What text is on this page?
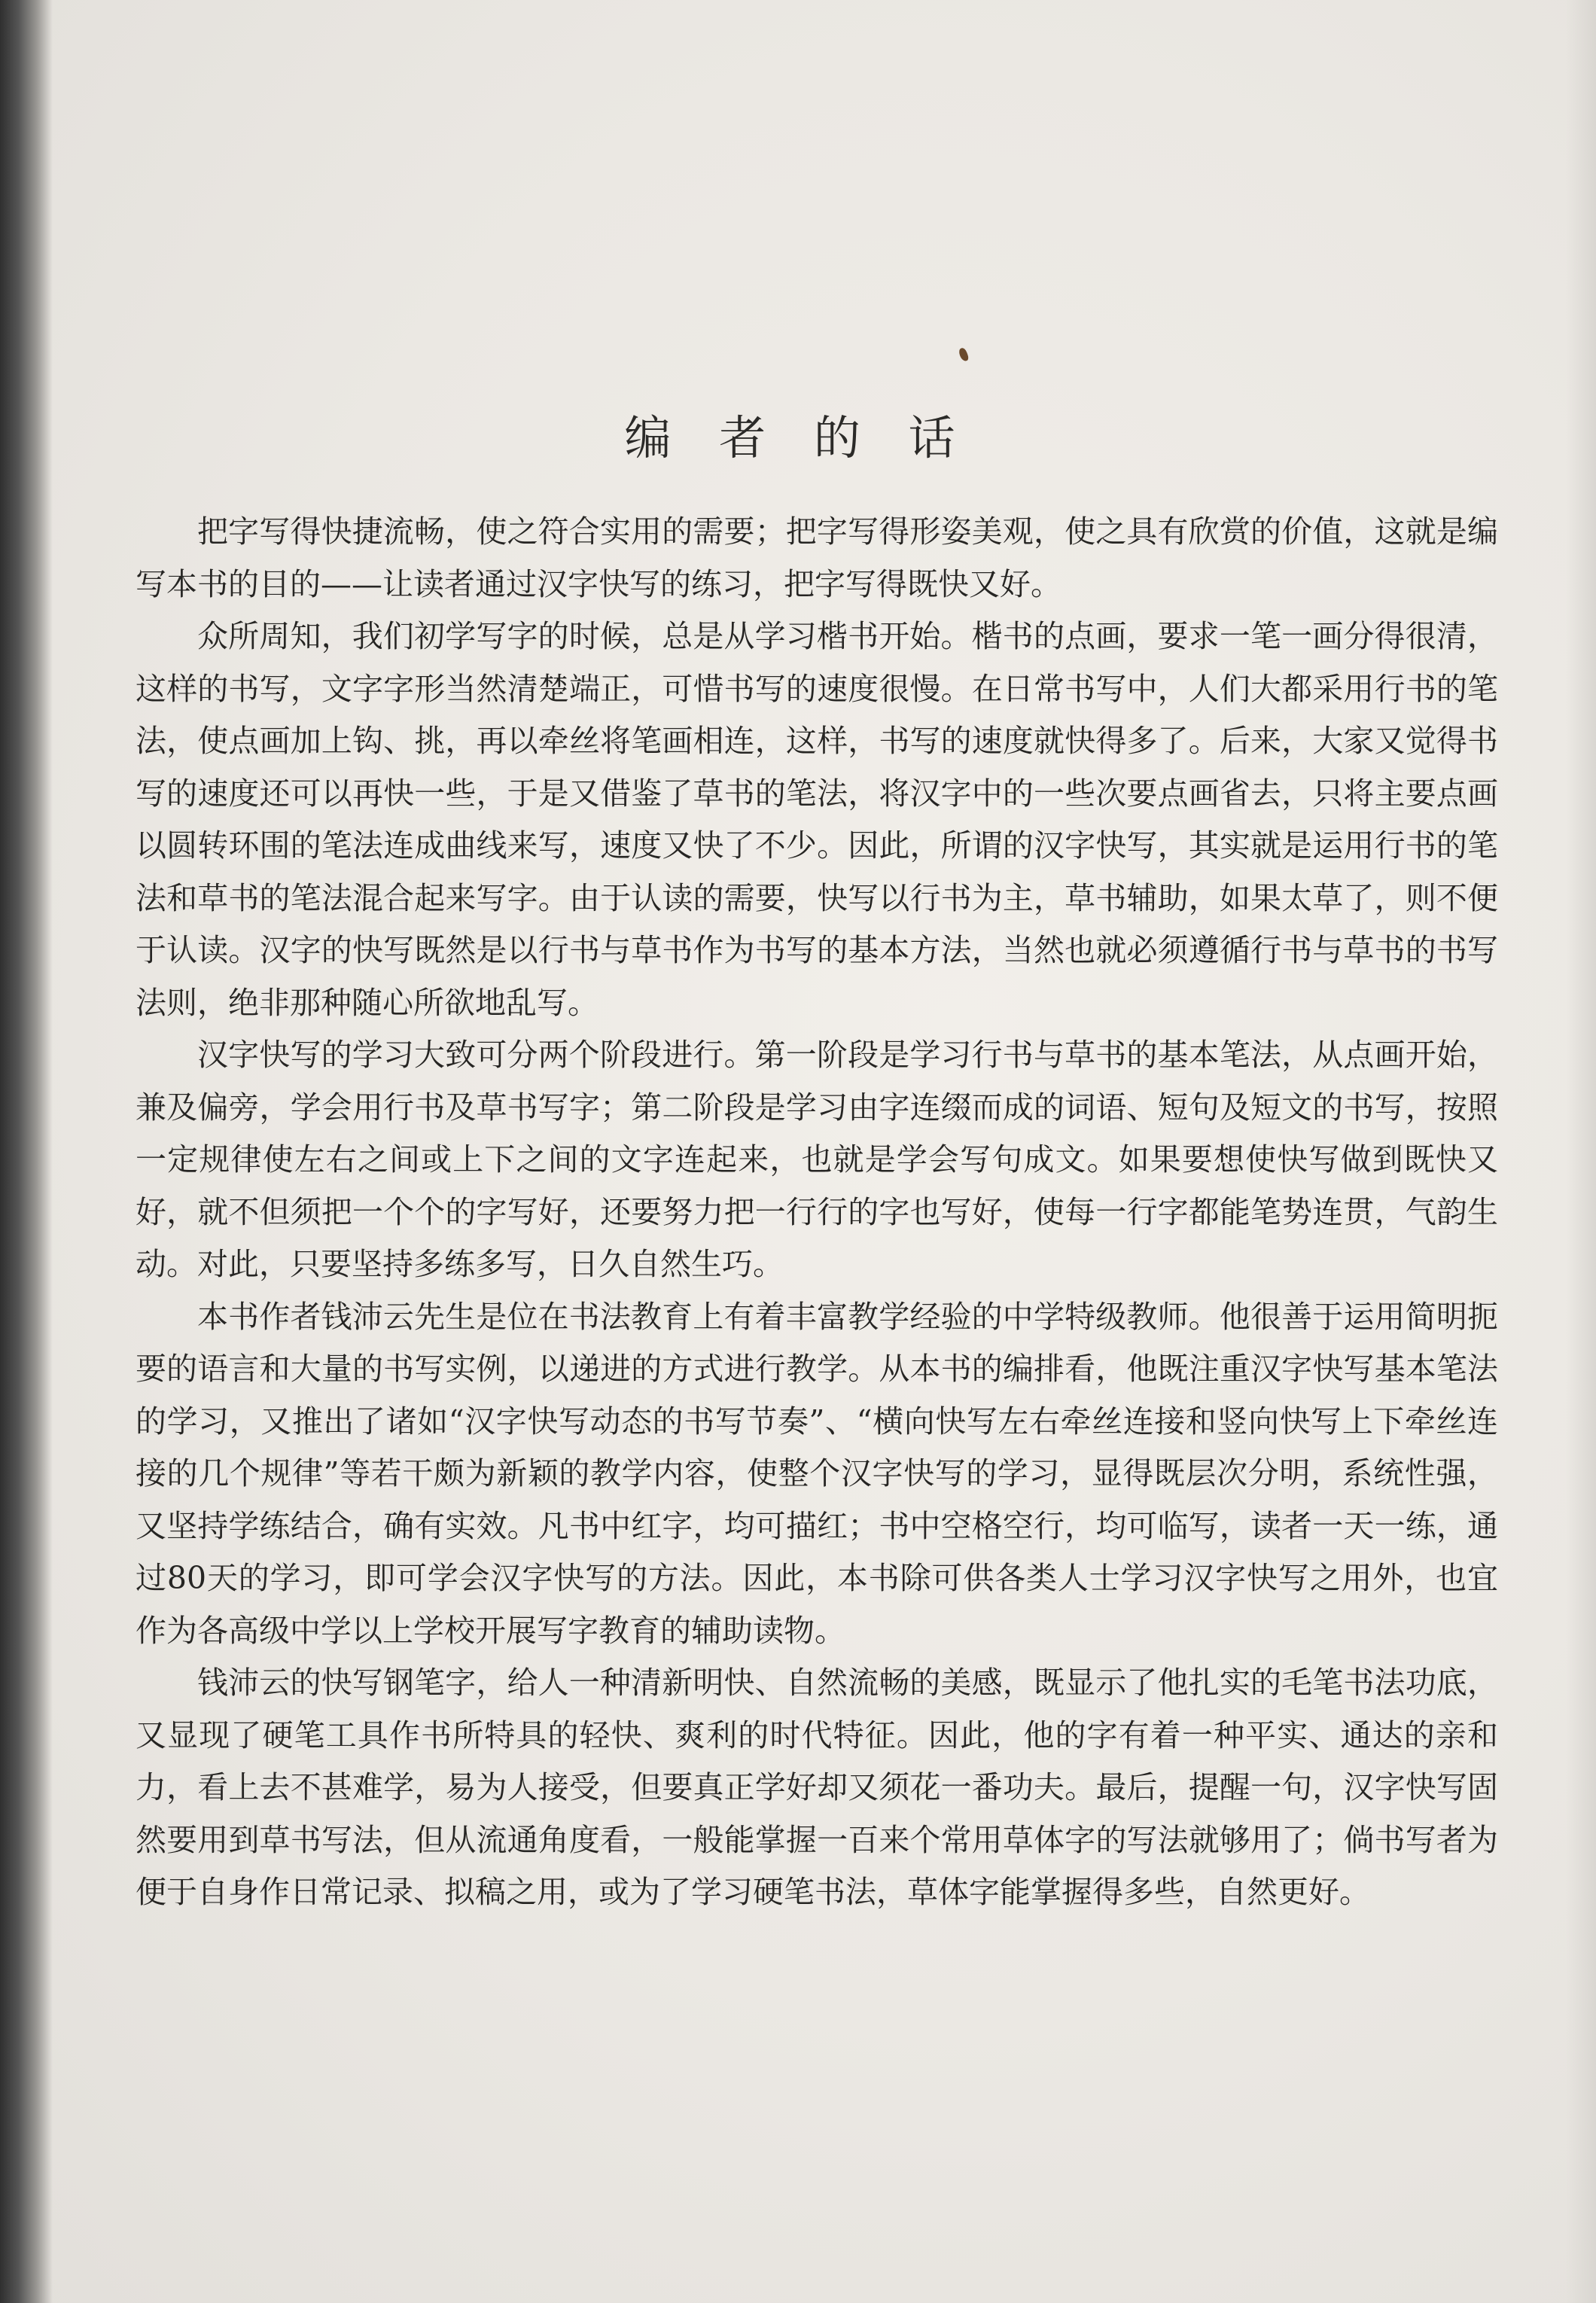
编 者 的 话

把字写得快捷流畅，使之符合实用的需要；把字写得形姿美观，使之具有欣赏的价值，这就是编写本书的目的——让读者通过汉字快写的练习，把字写得既快又好。

众所周知，我们初学写字的时候，总是从学习楷书开始。楷书的点画，要求一笔一画分得很清，这样的书写，文字字形当然清楚端正，可惜书写的速度很慢。在日常书写中，人们大都采用行书的笔法，使点画加上钩、挑，再以牵丝将笔画相连，这样，书写的速度就快得多了。后来，大家又觉得书写的速度还可以再快一些，于是又借鉴了草书的笔法，将汉字中的一些次要点画省去，只将主要点画以圆转环围的笔法连成曲线来写，速度又快了不少。因此，所谓的汉字快写，其实就是运用行书的笔法和草书的笔法混合起来写字。由于认读的需要，快写以行书为主，草书辅助，如果太草了，则不便于认读。汉字的快写既然是以行书与草书作为书写的基本方法，当然也就必须遵循行书与草书的书写法则，绝非那种随心所欲地乱写。

汉字快写的学习大致可分两个阶段进行。第一阶段是学习行书与草书的基本笔法，从点画开始，兼及偏旁，学会用行书及草书写字；第二阶段是学习由字连缀而成的词语、短句及短文的书写，按照一定规律使左右之间或上下之间的文字连起来，也就是学会写句成文。如果要想使快写做到既快又好，就不但须把一个个的字写好，还要努力把一行行的字也写好，使每一行字都能笔势连贯，气韵生动。对此，只要坚持多练多写，日久自然生巧。

本书作者钱沛云先生是位在书法教育上有着丰富教学经验的中学特级教师。他很善于运用简明扼要的语言和大量的书写实例，以递进的方式进行教学。从本书的编排看，他既注重汉字快写基本笔法的学习，又推出了诸如“汉字快写动态的书写节奏”、“横向快写左右牵丝连接和竖向快写上下牵丝连接的几个规律”等若干颇为新颖的教学内容，使整个汉字快写的学习，显得既层次分明，系统性强，又坚持学练结合，确有实效。凡书中红字，均可描红；书中空格空行，均可临写，读者一天一练，通过80天的学习，即可学会汉字快写的方法。因此，本书除可供各类人士学习汉字快写之用外，也宜作为各高级中学以上学校开展写字教育的辅助读物。

钱沛云的快写钢笔字，给人一种清新明快、自然流畅的美感，既显示了他扎实的毛笔书法功底，又显现了硬笔工具作书所特具的轻快、爽利的时代特征。因此，他的字有着一种平实、通达的亲和力，看上去不甚难学，易为人接受，但要真正学好却又须花一番功夫。最后，提醒一句，汉字快写固然要用到草书写法，但从流通角度看，一般能掌握一百来个常用草体字的写法就够用了；倘书写者为便于自身作日常记录、拟稿之用，或为了学习硬笔书法，草体字能掌握得多些，自然更好。
